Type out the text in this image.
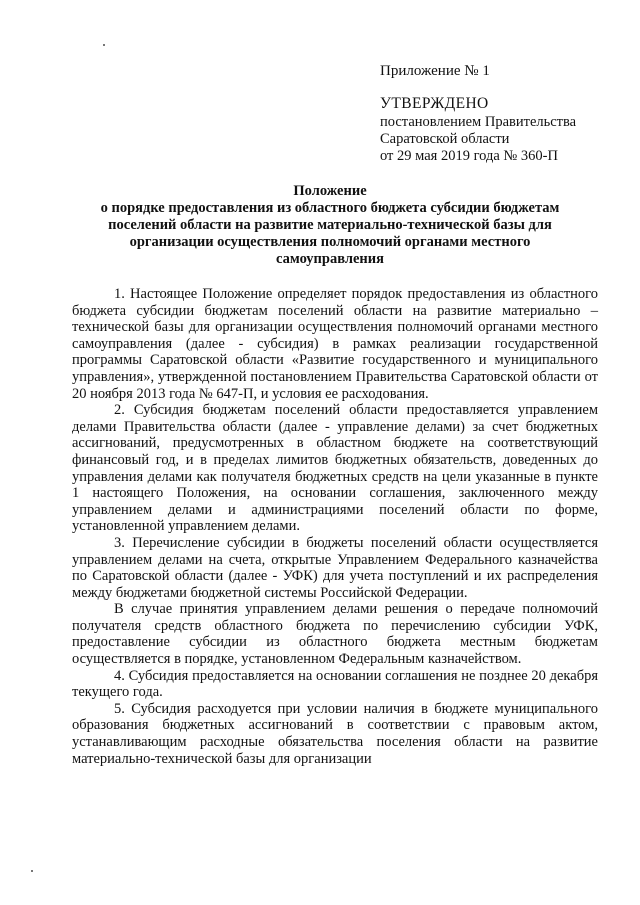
Приложение № 1
УТВЕРЖДЕНО
постановлением Правительства
Саратовской области
от 29 мая 2019 года № 360-П
Положение
о порядке предоставления из областного бюджета субсидии бюджетам
поселений области на развитие материально-технической базы для
организации осуществления полномочий органами местного
самоуправления

1. Настоящее Положение определяет порядок предоставления из областного бюджета субсидии бюджетам поселений области на развитие материально – технической базы для организации осуществления полномочий органами местного самоуправления (далее - субсидия) в рамках реализации государственной программы Саратовской области «Развитие государственного и муниципального управления», утвержденной постановлением Правительства Саратовской области от 20 ноября 2013 года № 647-П, и условия ее расходования.

2. Субсидия бюджетам поселений области предоставляется управлением делами Правительства области (далее - управление делами) за счет бюджетных ассигнований, предусмотренных в областном бюджете на соответствующий финансовый год, и в пределах лимитов бюджетных обязательств, доведенных до управления делами как получателя бюджетных средств на цели указанные в пункте 1 настоящего Положения, на основании соглашения, заключенного между управлением делами и администрациями поселений области по форме, установленной управлением делами.

3. Перечисление субсидии в бюджеты поселений области осуществляется управлением делами на счета, открытые Управлением Федерального казначейства по Саратовской области (далее - УФК) для учета поступлений и их распределения между бюджетами бюджетной системы Российской Федерации.

В случае принятия управлением делами решения о передаче полномочий получателя средств областного бюджета по перечислению субсидии УФК, предоставление субсидии из областного бюджета местным бюджетам осуществляется в порядке, установленном Федеральным казначейством.

4. Субсидия предоставляется на основании соглашения не позднее 20 декабря текущего года.

5. Субсидия расходуется при условии наличия в бюджете муниципального образования бюджетных ассигнований в соответствии с правовым актом, устанавливающим расходные обязательства поселения области на развитие материально-технической базы для организации
